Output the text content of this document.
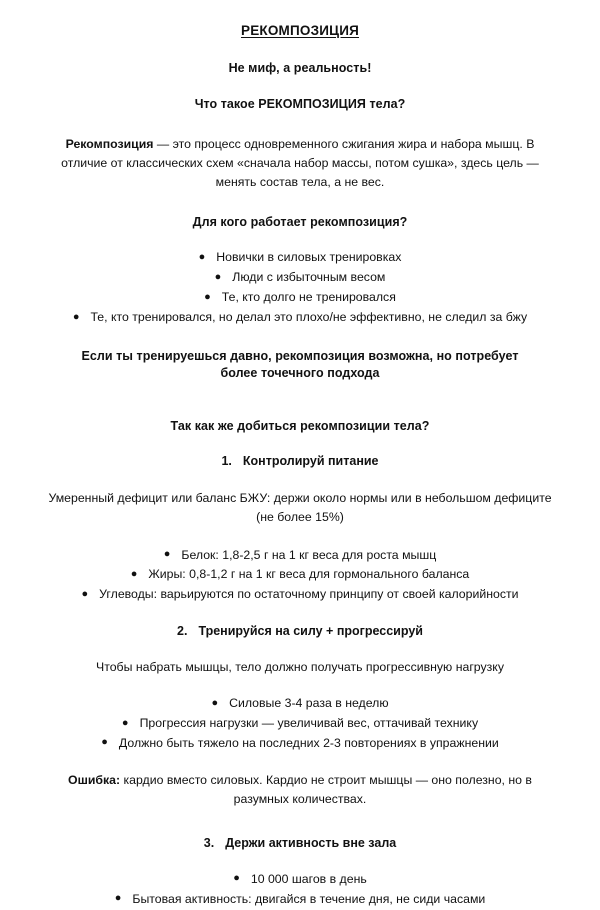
РЕКОМПОЗИЦИЯ

Не миф, а реальность!

Что такое РЕКОМПОЗИЦИЯ тела?

Рекомпозиция — это процесс одновременного сжигания жира и набора мышц. В отличие от классических схем «сначала набор массы, потом сушка», здесь цель — менять состав тела, а не вес.

Для кого работает рекомпозиция?

● Новички в силовых тренировках
● Люди с избыточным весом
● Те, кто долго не тренировался
● Те, кто тренировался, но делал это плохо/не эффективно, не следил за бжу

Если ты тренируешься давно, рекомпозиция возможна, но потребует более точечного подхода

Так как же добиться рекомпозиции тела?

1. Контролируй питание

Умеренный дефицит или баланс БЖУ: держи около нормы или в небольшом дефиците (не более 15%)

● Белок: 1,8-2,5 г на 1 кг веса для роста мышц
● Жиры: 0,8-1,2 г на 1 кг веса для гормонального баланса
● Углеводы: варьируются по остаточному принципу от своей калорийности

2. Тренируйся на силу + прогрессируй

Чтобы набрать мышцы, тело должно получать прогрессивную нагрузку

● Силовые 3-4 раза в неделю
● Прогрессия нагрузки — увеличивай вес, оттачивай технику
● Должно быть тяжело на последних 2-3 повторениях в упражнении

Ошибка: кардио вместо силовых. Кардио не строит мышцы — оно полезно, но в разумных количествах.

3. Держи активность вне зала

● 10 000 шагов в день
● Бытовая активность: двигайся в течение дня, не сиди часами
